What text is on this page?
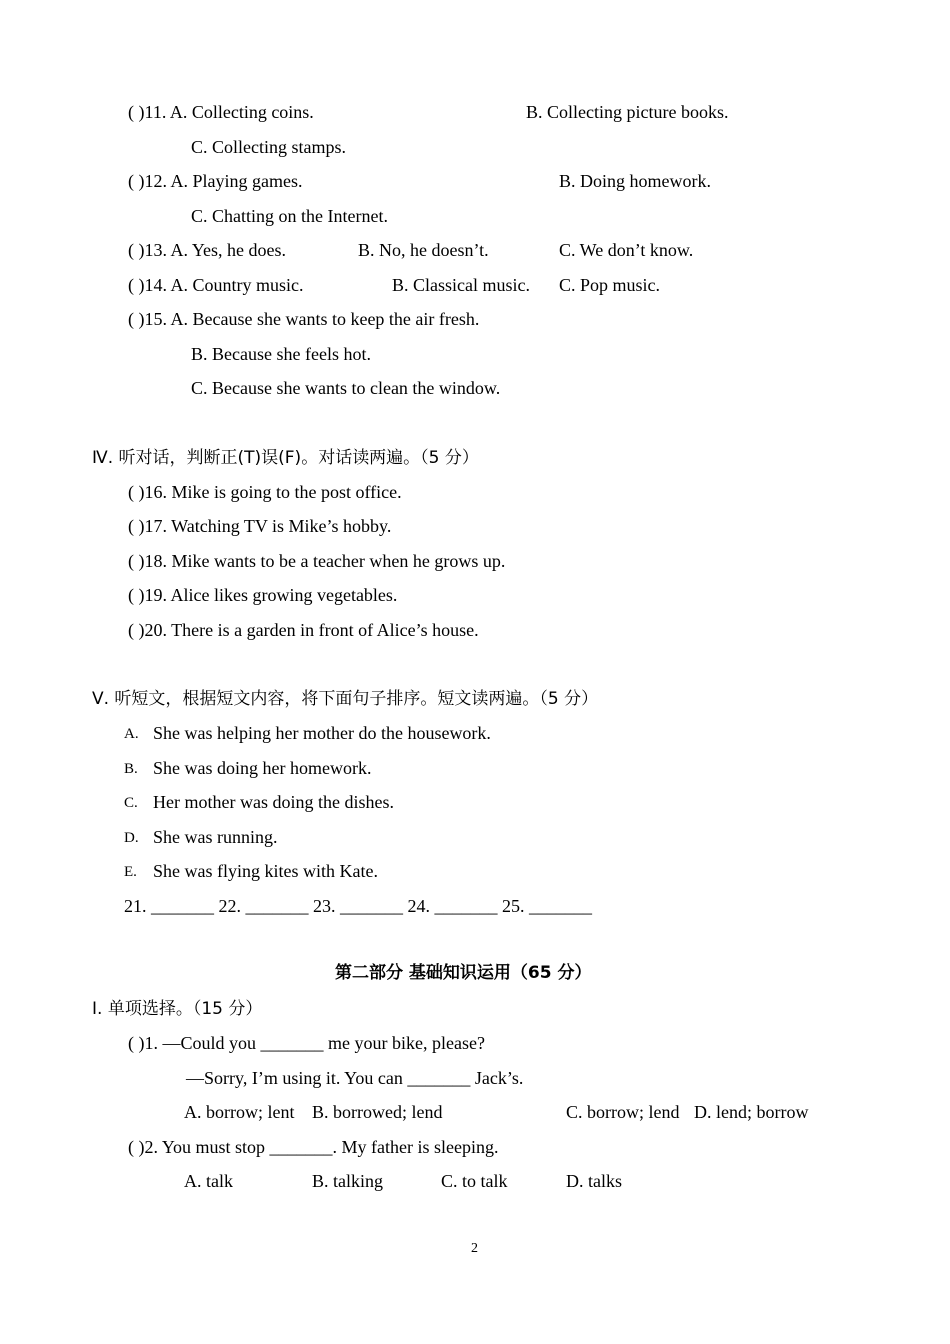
( )11. A. Collecting coins.	B. Collecting picture books.
C. Collecting stamps.
( )12. A. Playing games.	B. Doing homework.
C. Chatting on the Internet.
( )13. A. Yes, he does.	B. No, he doesn’t.	C. We don’t know.
( )14. A. Country music.	B. Classical music. C. Pop music.
( )15. A. Because she wants to keep the air fresh.
B. Because she feels hot.
C. Because she wants to clean the window.
Ⅳ. 听对话，判断正(T)误(F)。对话读两遍。（5 分）
( )16. Mike is going to the post office.
( )17. Watching TV is Mike’s hobby.
( )18. Mike wants to be a teacher when he grows up.
( )19. Alice likes growing vegetables.
( )20. There is a garden in front of Alice’s house.
Ⅴ. 听短文，根据短文内容，将下面句子排序。短文读两遍。（5 分）
A. She was helping her mother do the housework.
B. She was doing her homework.
C. Her mother was doing the dishes.
D. She was running.
E. She was flying kites with Kate.
21. _______ 22. _______ 23. _______ 24. _______ 25. _______
第二部分 基础知识运用（65 分）
Ⅰ. 单项选择。（15 分）
( )1. —Could you _______ me your bike, please?
—Sorry, I’m using it. You can _______ Jack’s.
A. borrow; lent B. borrowed; lend	C. borrow; lend D. lend; borrow
( )2. You must stop _______. My father is sleeping.
A. talk	B. talking	C. to talk	D. talks
2
